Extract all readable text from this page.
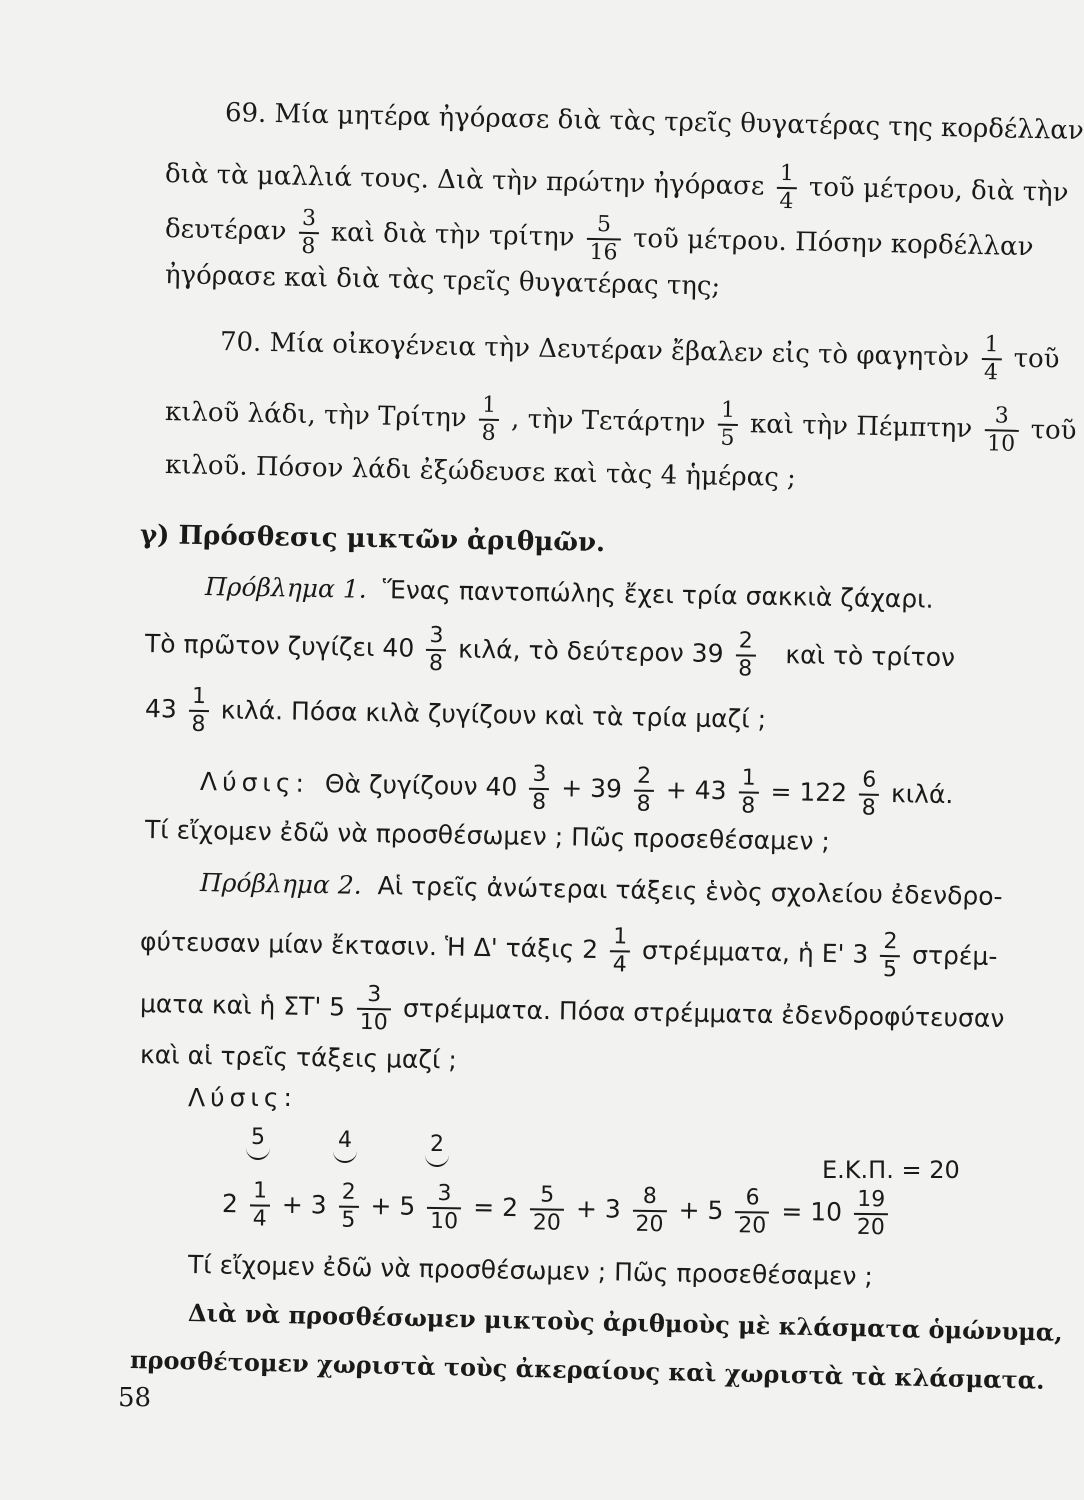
69. Μία μητέρα ἠγόρασε διὰ τὰς τρεῖς θυγατέρας της κορδέλλαν
διὰ τὰ μαλλιά τους. Διὰ τὴν πρώτην ἠγόρασε $\frac{1}{4}$ τοῦ μέτρου, διὰ τὴν
δευτέραν $\frac{3}{8}$ καὶ διὰ τὴν τρίτην $\frac{5}{16}$ τοῦ μέτρου. Πόσην κορδέλλαν
ἠγόρασε καὶ διὰ τὰς τρεῖς θυγατέρας της;
70. Μία οἰκογένεια τὴν Δευτέραν ἔβαλεν εἰς τὸ φαγητὸν $\frac{1}{4}$ τοῦ
κιλοῦ λάδι, τὴν Τρίτην $\frac{1}{8}$ , τὴν Τετάρτην $\frac{1}{5}$ καὶ τὴν Πέμπτην $\frac{3}{10}$ τοῦ
κιλοῦ. Πόσον λάδι ἐξώδευσε καὶ τὰς 4 ἡμέρας ;
γ) Πρόσθεσις μικτῶν ἀριθμῶν.
Πρόβλημα 1. Ἕνας παντοπώλης ἔχει τρία σακκιὰ ζάχαρι.
Τὸ πρῶτον ζυγίζει $40 \frac{3}{8} \kappa\iota\lambda ά$, τὸ δεύτερον $39 \frac{2}{8}$ καὶ τὸ τρίτον
$43 \frac{1}{8} \kappa\iota\lambda ά$. Πόσα κιλὰ ζυγίζουν καὶ τὰ τρία μαζί ;
Λύσις: Θὰ ζυγίζουν $40 \frac{3}{8} + 39 \frac{2}{8} + 43 \frac{1}{8} = 122 \frac{6}{8} \kappa\iota\lambda ά$.
Τί εἴχομεν ἐδῶ νὰ προσθέσωμεν ; Πῶς προσεθέσαμεν ;
Πρόβλημα 2. Αἱ τρεῖς ἀνώτεραι τάξεις ἑνὸς σχολείου ἐδενδρο-
φύτευσαν μίαν ἔκτασιν. Ἡ Δ' τάξις $2 \frac{1}{4} \sigma\tau\rho έ\mu\mu\alpha\tau\alpha$, ἡ Ε' $3 \frac{2}{5} \sigma\tau\rho έ\mu-$
ματα καὶ ἡ ΣΤ' $5 \frac{3}{10} \sigma\tau\rho έ\mu\mu\alpha\tau\alpha$. Πόσα στρέμματα ἐδενδροφύτευσαν
καὶ αἱ τρεῖς τάξεις μαζί ;
Λύσις:
5	4	2
Ε.Κ.Π. = 20
$2 \frac{1}{4} + 3 \frac{2}{5} + 5 \frac{3}{10} = 2 \frac{5}{20} + 3 \frac{8}{20} + 5 \frac{6}{20} = 10 \frac{19}{20}$
Τί εἴχομεν ἐδῶ νὰ προσθέσωμεν ; Πῶς προσεθέσαμεν ;
Διὰ νὰ προσθέσωμεν μικτοὺς ἀριθμοὺς μὲ κλάσματα ὁμώνυμα,
προσθέτομεν χωριστὰ τοὺς ἀκεραίους καὶ χωριστὰ τὰ κλάσματα.
58
